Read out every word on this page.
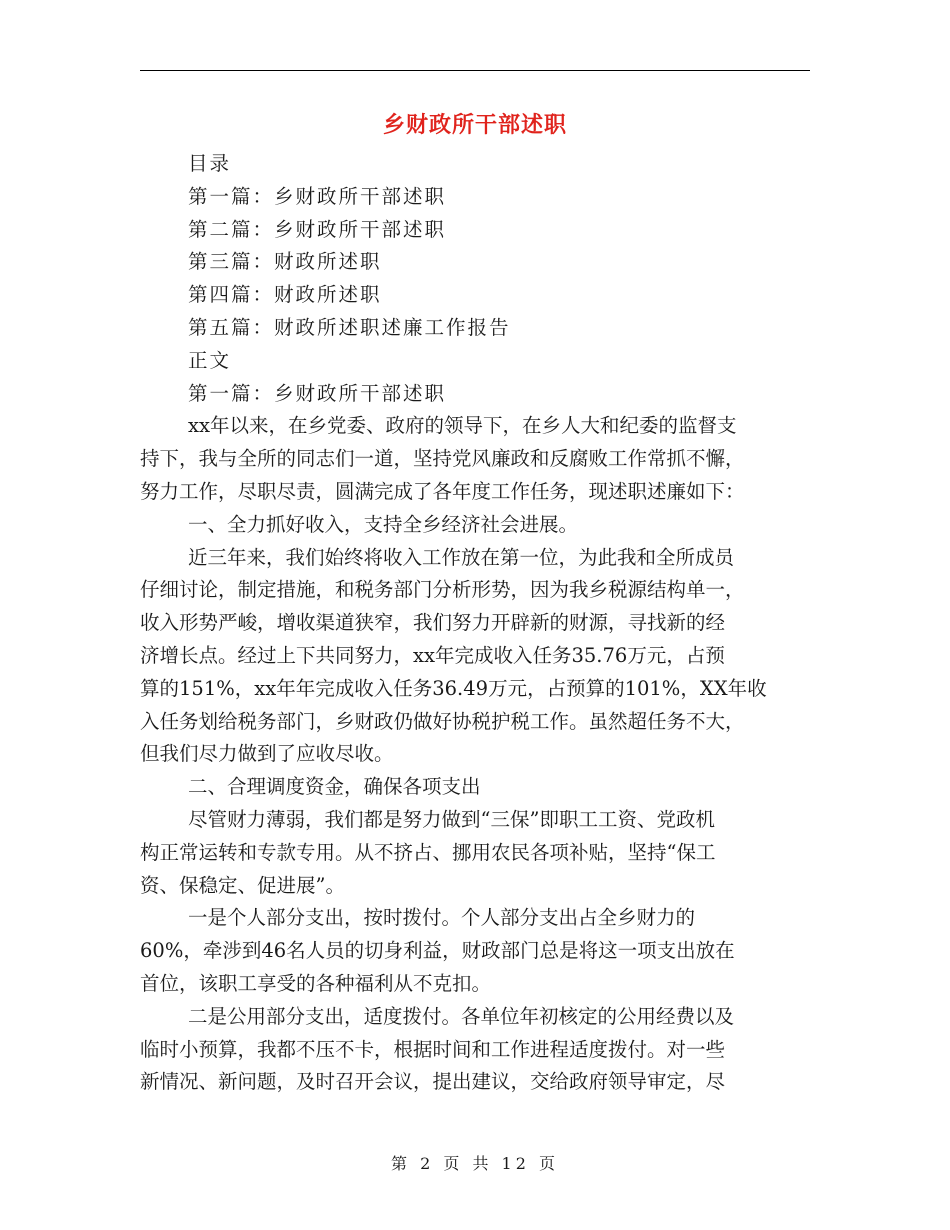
乡财政所干部述职
目录
第一篇：乡财政所干部述职
第二篇：乡财政所干部述职
第三篇：财政所述职
第四篇：财政所述职
第五篇：财政所述职述廉工作报告
正文
第一篇：乡财政所干部述职
xx年以来，在乡党委、政府的领导下，在乡人大和纪委的监督支
持下，我与全所的同志们一道，坚持党风廉政和反腐败工作常抓不懈，
努力工作，尽职尽责，圆满完成了各年度工作任务，现述职述廉如下：
一、全力抓好收入，支持全乡经济社会进展。
近三年来，我们始终将收入工作放在第一位，为此我和全所成员
仔细讨论，制定措施，和税务部门分析形势，因为我乡税源结构单一，
收入形势严峻，增收渠道狭窄，我们努力开辟新的财源，寻找新的经
济增长点。经过上下共同努力，xx年完成收入任务35.76万元，占预
算的151%，xx年年完成收入任务36.49万元，占预算的101%，XX年收
入任务划给税务部门，乡财政仍做好协税护税工作。虽然超任务不大，
但我们尽力做到了应收尽收。
二、合理调度资金，确保各项支出
尽管财力薄弱，我们都是努力做到“三保”即职工工资、党政机
构正常运转和专款专用。从不挤占、挪用农民各项补贴，坚持“保工
资、保稳定、促进展”。
一是个人部分支出，按时拨付。个人部分支出占全乡财力的
60%，牵涉到46名人员的切身利益，财政部门总是将这一项支出放在
首位，该职工享受的各种福利从不克扣。
二是公用部分支出，适度拨付。各单位年初核定的公用经费以及
临时小预算，我都不压不卡，根据时间和工作进程适度拨付。对一些
新情况、新问题，及时召开会议，提出建议，交给政府领导审定，尽
第 2 页 共 12 页
